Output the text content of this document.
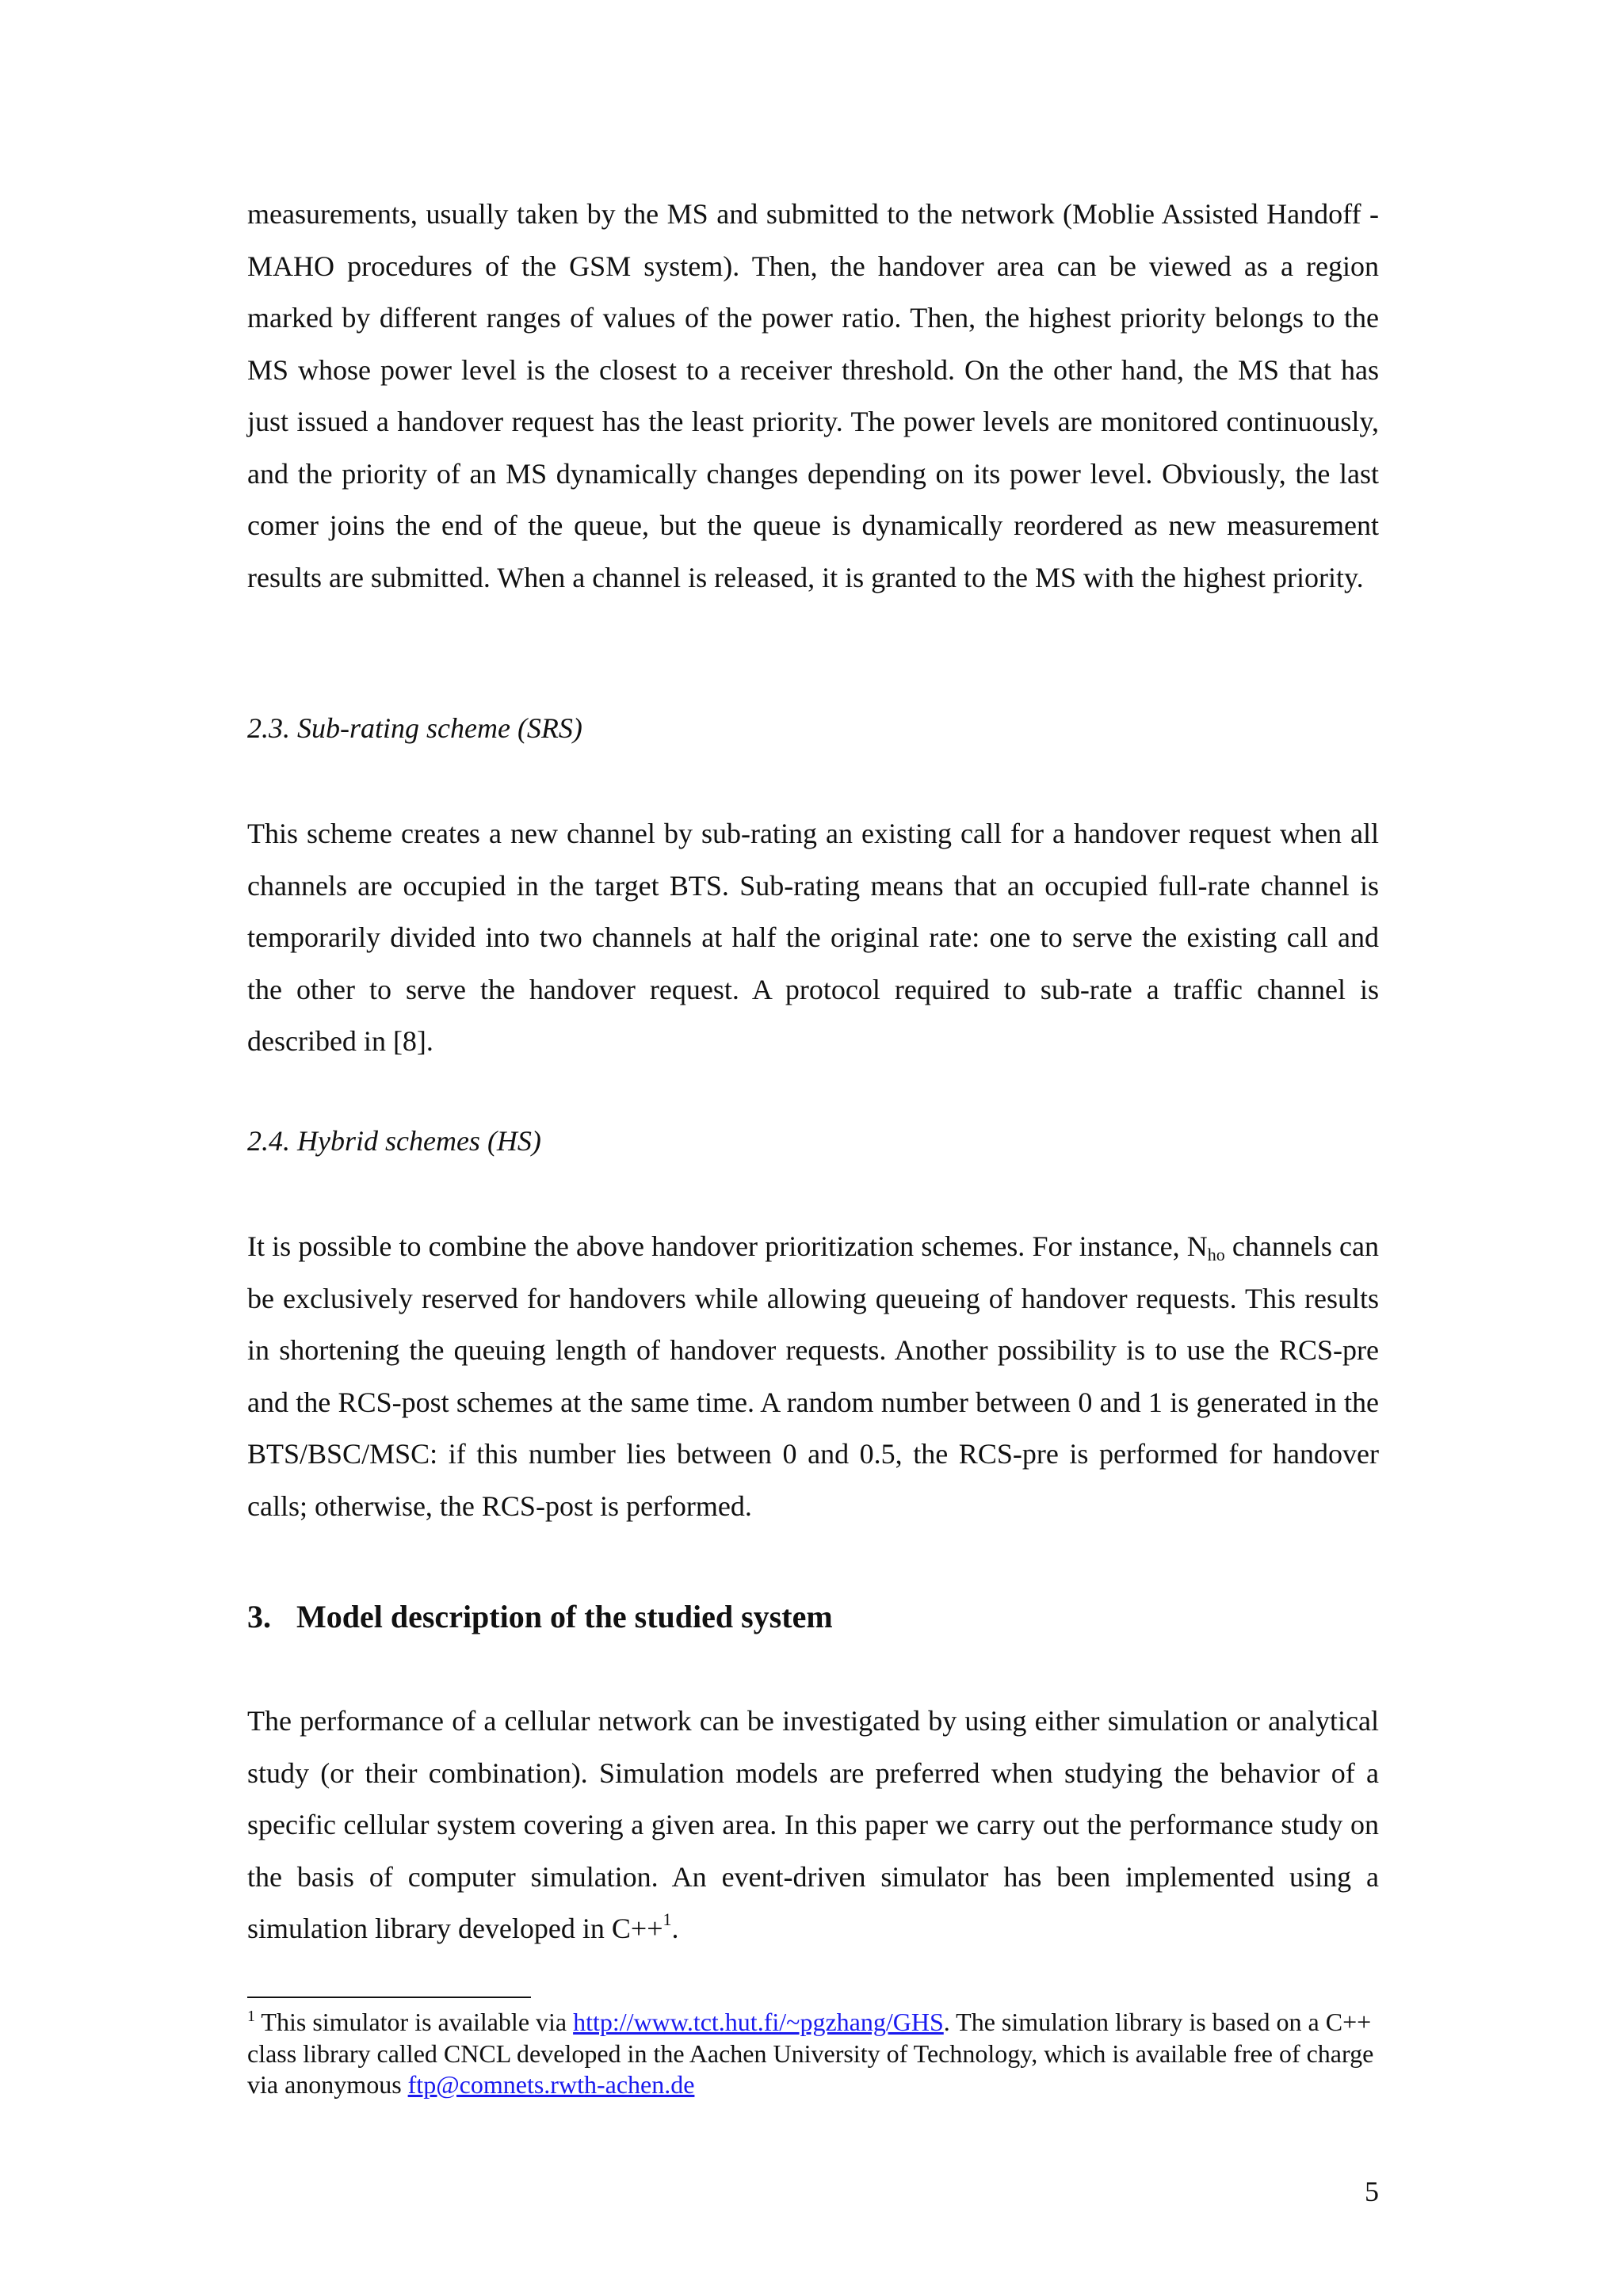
measurements, usually taken by the MS and submitted to the network (Moblie Assisted Handoff - MAHO procedures of the GSM system). Then, the handover area can be viewed as a region marked by different ranges of values of the power ratio. Then, the highest priority belongs to the MS whose power level is the closest to a receiver threshold. On the other hand, the MS that has just issued a handover request has the least priority. The power levels are monitored continuously, and the priority of an MS dynamically changes depending on its power level. Obviously, the last comer joins the end of the queue, but the queue is dynamically reordered as new measurement results are submitted. When a channel is released, it is granted to the MS with the highest priority.

2.3. Sub-rating scheme (SRS)

This scheme creates a new channel by sub-rating an existing call for a handover request when all channels are occupied in the target BTS. Sub-rating means that an occupied full-rate channel is temporarily divided into two channels at half the original rate: one to serve the existing call and the other to serve the handover request. A protocol required to sub-rate a traffic channel is described in [8].

2.4. Hybrid schemes (HS)

It is possible to combine the above handover prioritization schemes. For instance, $N_{ho}$ channels can be exclusively reserved for handovers while allowing queueing of handover requests. This results in shortening the queuing length of handover requests. Another possibility is to use the RCS-pre and the RCS-post schemes at the same time. A random number between 0 and 1 is generated in the BTS/BSC/MSC: if this number lies between 0 and 0.5, the RCS-pre is performed for handover calls; otherwise, the RCS-post is performed.

3. Model description of the studied system

The performance of a cellular network can be investigated by using either simulation or analytical study (or their combination). Simulation models are preferred when studying the behavior of a specific cellular system covering a given area. In this paper we carry out the performance study on the basis of computer simulation. An event-driven simulator has been implemented using a simulation library developed in C++$^1$.

$^1$ This simulator is available via http://www.tct.hut.fi/~pgzhang/GHS. The simulation library is based on a C++ class library called CNCL developed in the Aachen University of Technology, which is available free of charge via anonymous ftp@comnets.rwth-achen.de

5
